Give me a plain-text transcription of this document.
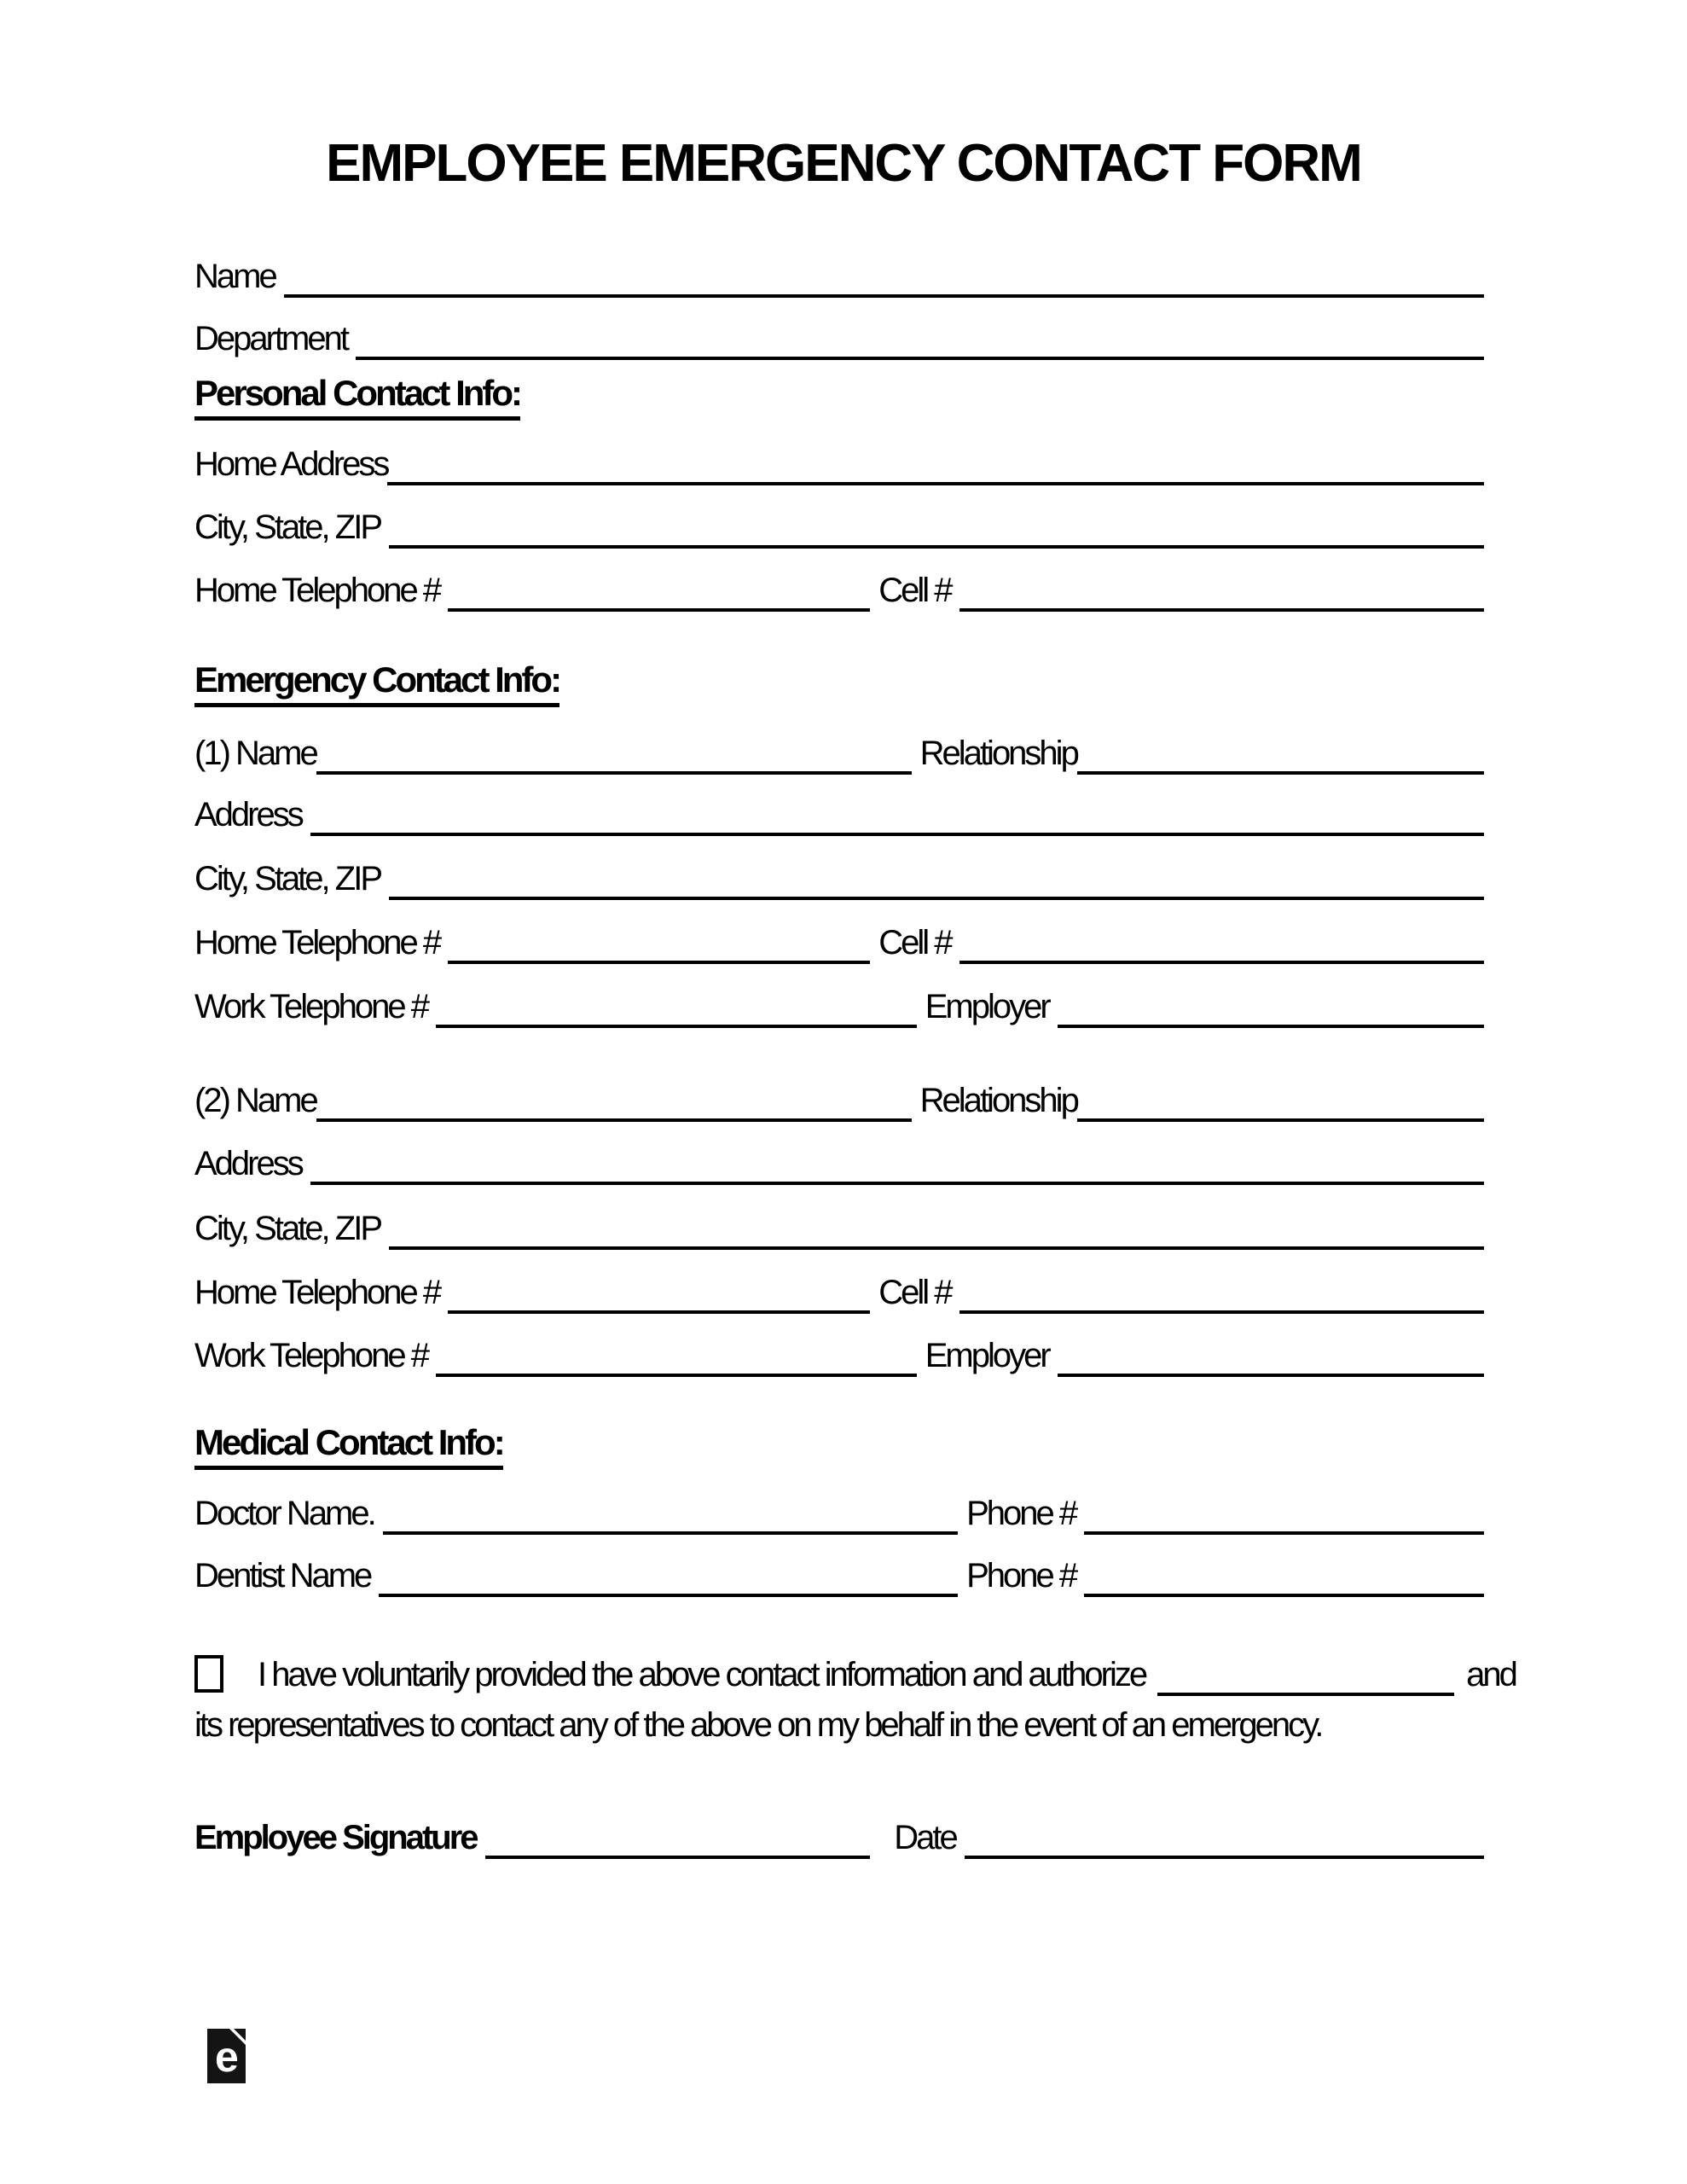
EMPLOYEE EMERGENCY CONTACT FORM
Name
Department
Personal Contact Info:
Home Address
City, State, ZIP
Home Telephone #	Cell #
Emergency Contact Info:
(1) Name	Relationship
Address
City, State, ZIP
Home Telephone #	Cell #
Work Telephone #	Employer
(2) Name	Relationship
Address
City, State, ZIP
Home Telephone #	Cell #
Work Telephone #	Employer
Medical Contact Info:
Doctor Name.	Phone #
Dentist Name	Phone #
I have voluntarily provided the above contact information and authorize	and
its representatives to contact any of the above on my behalf in the event of an emergency.
Employee Signature	Date
e
